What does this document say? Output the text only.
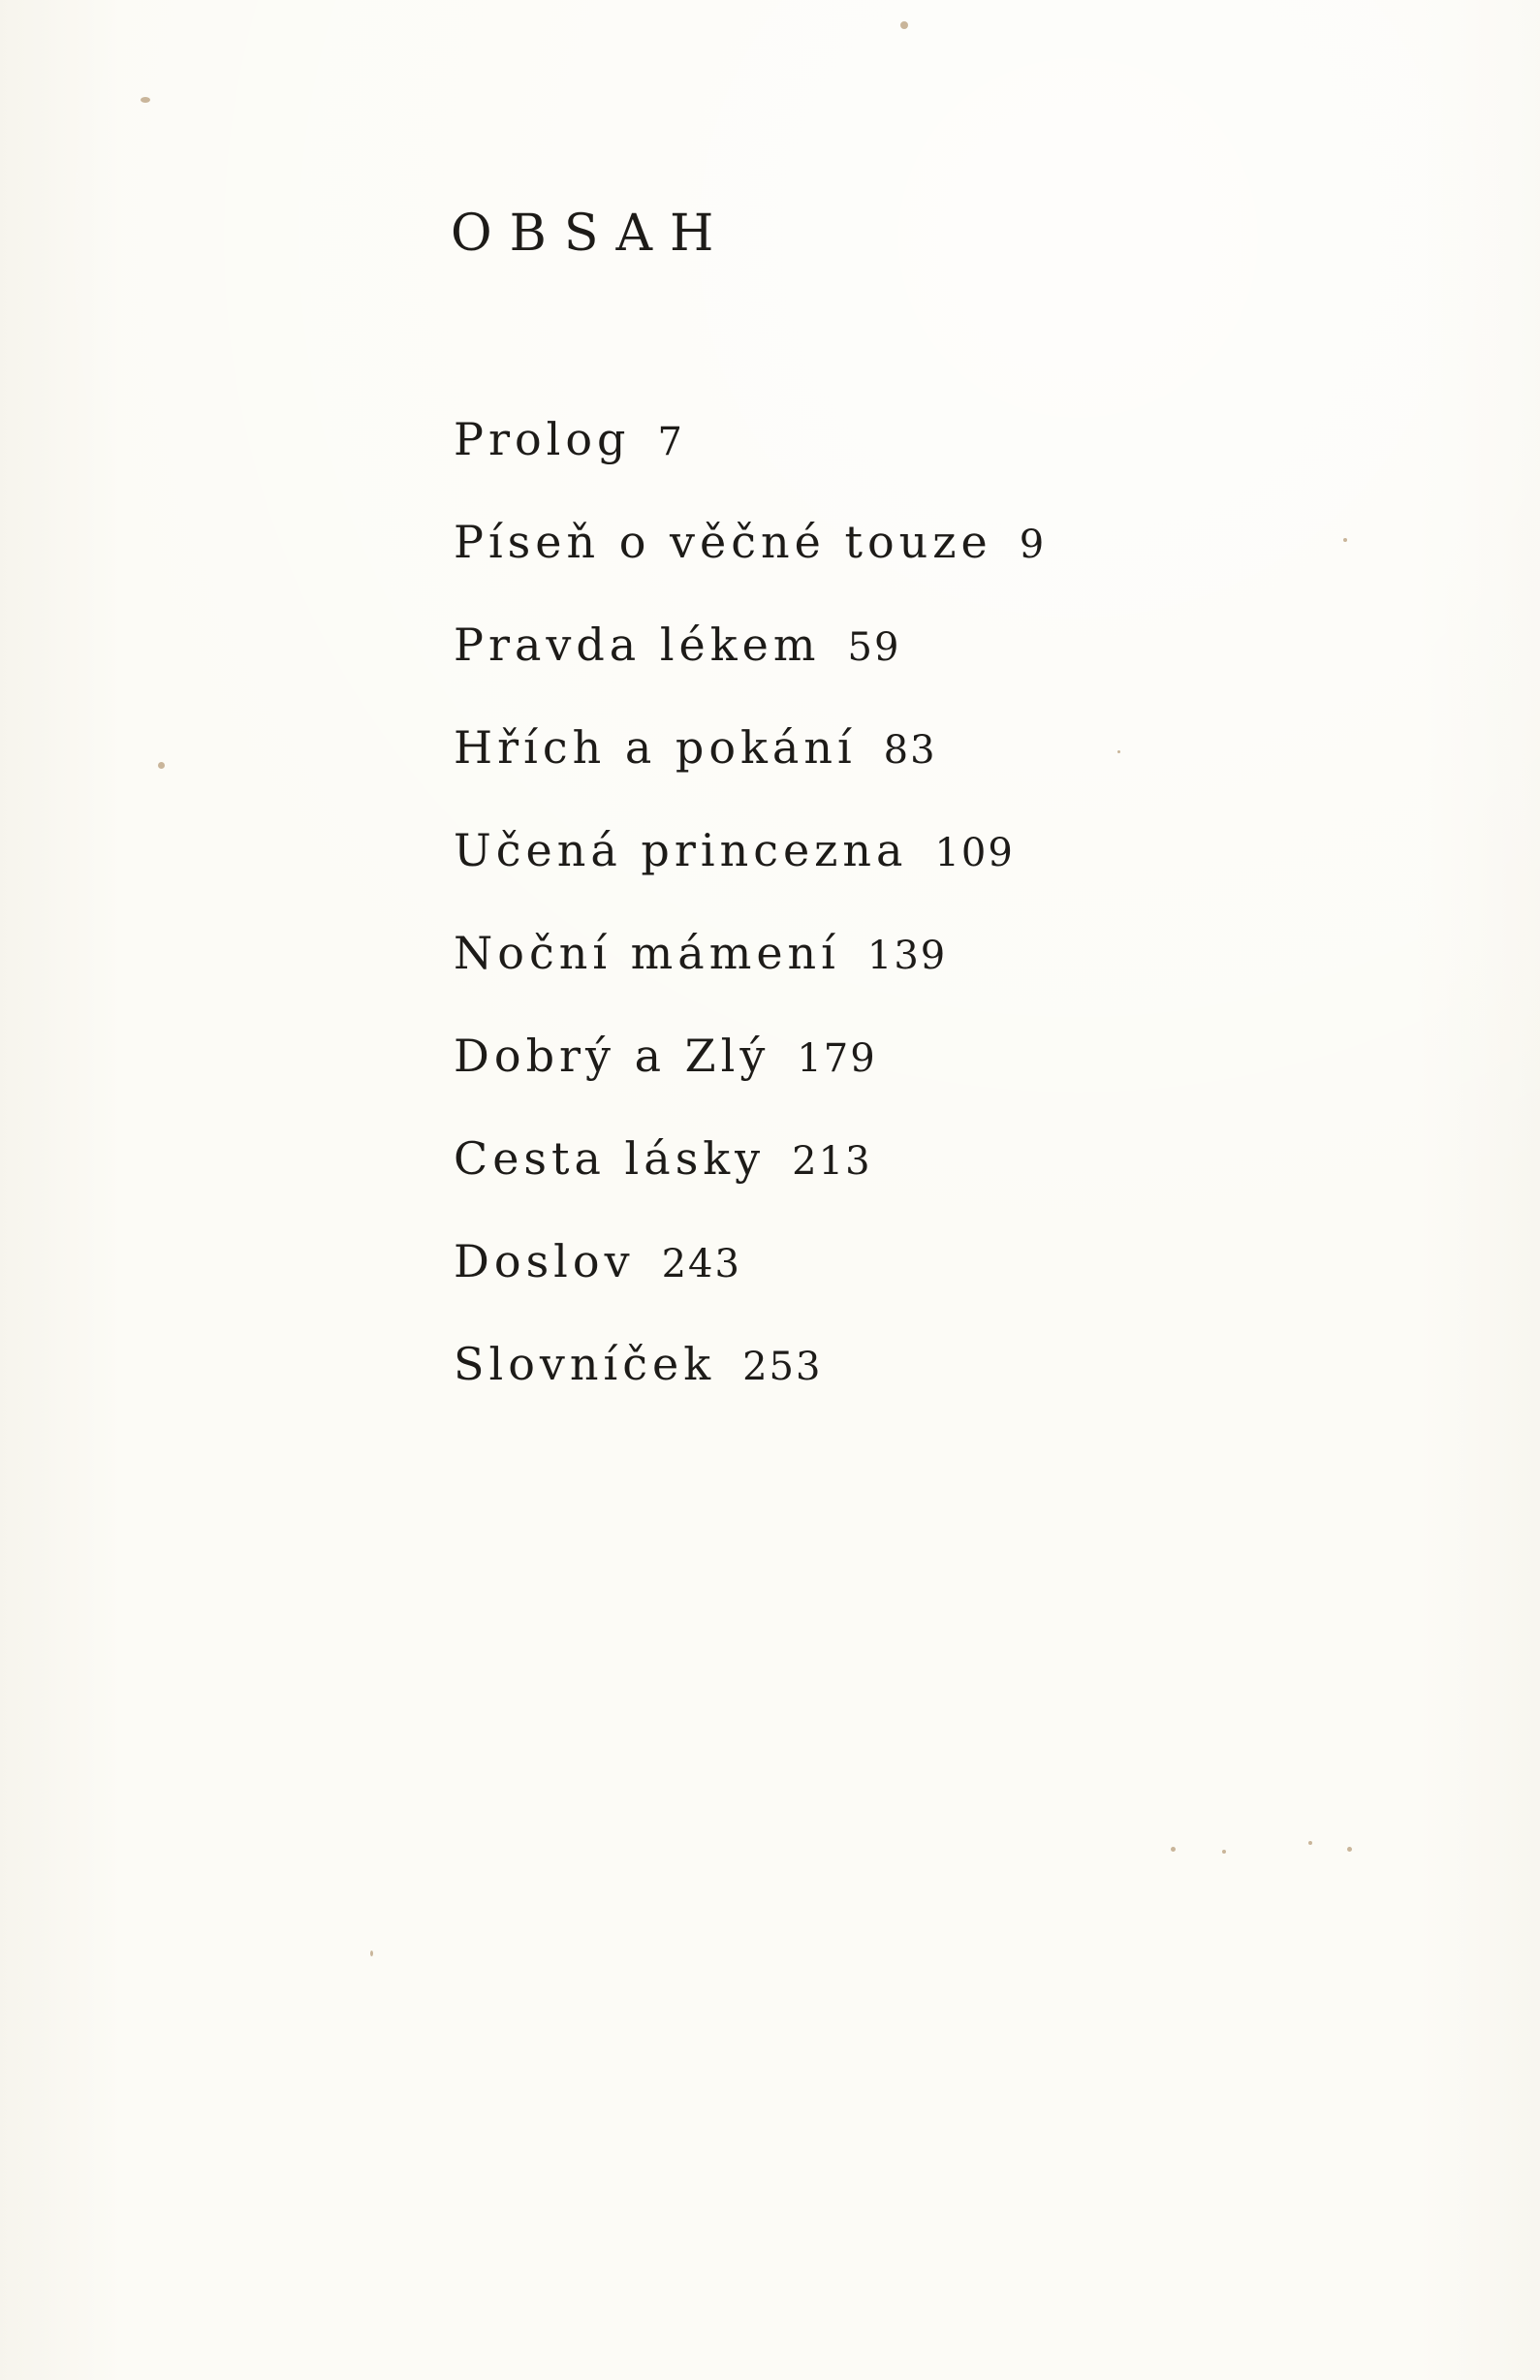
OBSAH
Prolog 7
Píseň o věčné touze 9
Pravda lékem 59
Hřích a pokání 83
Učená princezna 109
Noční mámení 139
Dobrý a Zlý 179
Cesta lásky 213
Doslov 243
Slovníček 253
